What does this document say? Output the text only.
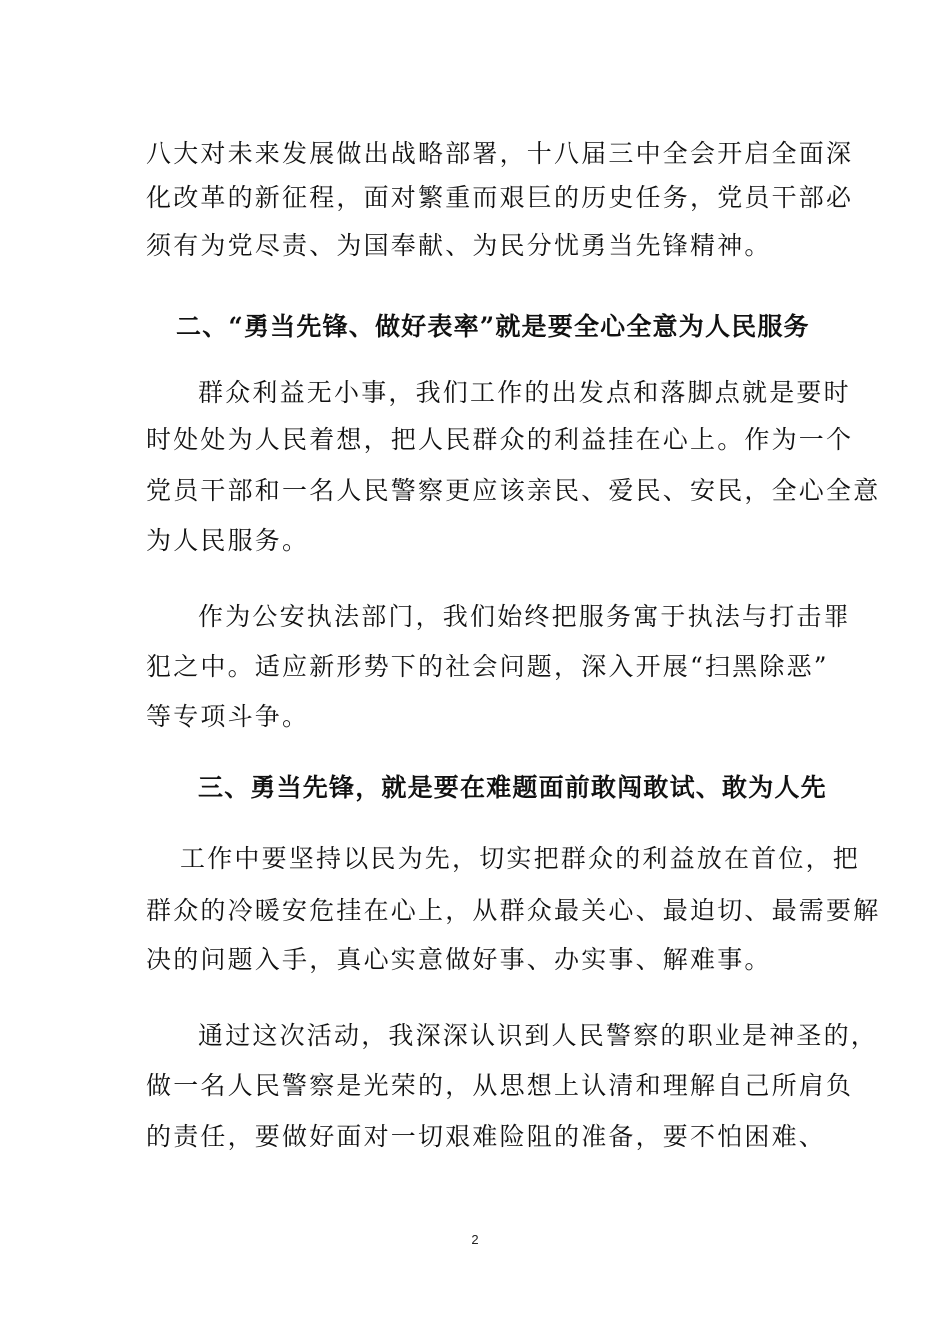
八大对未来发展做出战略部署，十八届三中全会开启全面深
化改革的新征程，面对繁重而艰巨的历史任务，党员干部必
须有为党尽责、为国奉献、为民分忧勇当先锋精神。
二、“勇当先锋、做好表率”就是要全心全意为人民服务
群众利益无小事，我们工作的出发点和落脚点就是要时
时处处为人民着想，把人民群众的利益挂在心上。作为一个
党员干部和一名人民警察更应该亲民、爱民、安民，全心全意
为人民服务。
作为公安执法部门，我们始终把服务寓于执法与打击罪
犯之中。适应新形势下的社会问题，深入开展“扫黑除恶”
等专项斗争。
三、勇当先锋，就是要在难题面前敢闯敢试、敢为人先
工作中要坚持以民为先，切实把群众的利益放在首位，把
群众的冷暖安危挂在心上，从群众最关心、最迫切、最需要解
决的问题入手，真心实意做好事、办实事、解难事。
通过这次活动，我深深认识到人民警察的职业是神圣的，
做一名人民警察是光荣的，从思想上认清和理解自己所肩负
的责任，要做好面对一切艰难险阻的准备，要不怕困难、
2
